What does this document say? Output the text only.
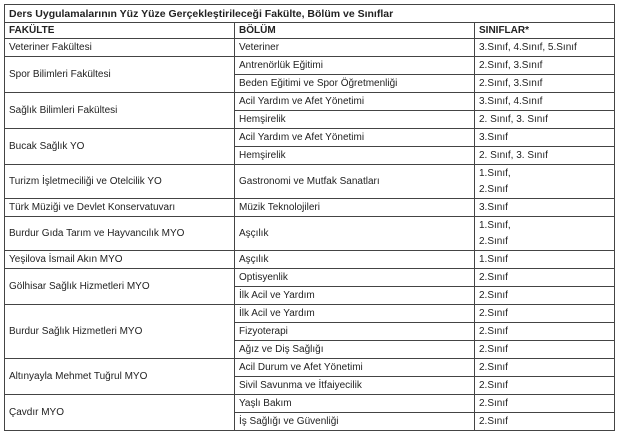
Ders Uygulamalarının Yüz Yüze Gerçekleştirileceği Fakülte, Bölüm ve Sınıflar		
FAKÜLTE	BÖLÜM	SINIFLAR*
Veteriner Fakültesi	Veteriner	3.Sınıf, 4.Sınıf, 5.Sınıf
Spor Bilimleri Fakültesi	Antrenörlük Eğitimi	2.Sınıf, 3.Sınıf
	Beden Eğitimi ve Spor Öğretmenliği	2.Sınıf, 3.Sınıf
Sağlık Bilimleri Fakültesi	Acil Yardım ve Afet Yönetimi	3.Sınıf, 4.Sınıf
	Hemşirelik	2. Sınıf, 3. Sınıf
Bucak Sağlık YO	Acil Yardım ve Afet Yönetimi	3.Sınıf
	Hemşirelik	2. Sınıf, 3. Sınıf
Turizm İşletmeciliği ve Otelcilik YO	Gastronomi ve Mutfak Sanatları	1.Sınıf,
2.Sınıf
Türk Müziği ve Devlet Konservatuvarı	Müzik Teknolojileri	3.Sınıf
Burdur Gıda Tarım ve Hayvancılık MYO	Aşçılık	1.Sınıf,
2.Sınıf
Yeşilova İsmail Akın MYO	Aşçılık	1.Sınıf
Gölhisar Sağlık Hizmetleri MYO	Optisyenlik	2.Sınıf
	İlk Acil ve Yardım	2.Sınıf
Burdur Sağlık Hizmetleri MYO	İlk Acil ve Yardım	2.Sınıf
	Fizyoterapi	2.Sınıf
	Ağız ve Diş Sağlığı	2.Sınıf
Altınyayla Mehmet Tuğrul MYO	Acil Durum ve Afet Yönetimi	2.Sınıf
	Sivil Savunma ve İtfaiyecilik	2.Sınıf
Çavdır MYO	Yaşlı Bakım	2.Sınıf
	İş Sağlığı ve Güvenliği	2.Sınıf
